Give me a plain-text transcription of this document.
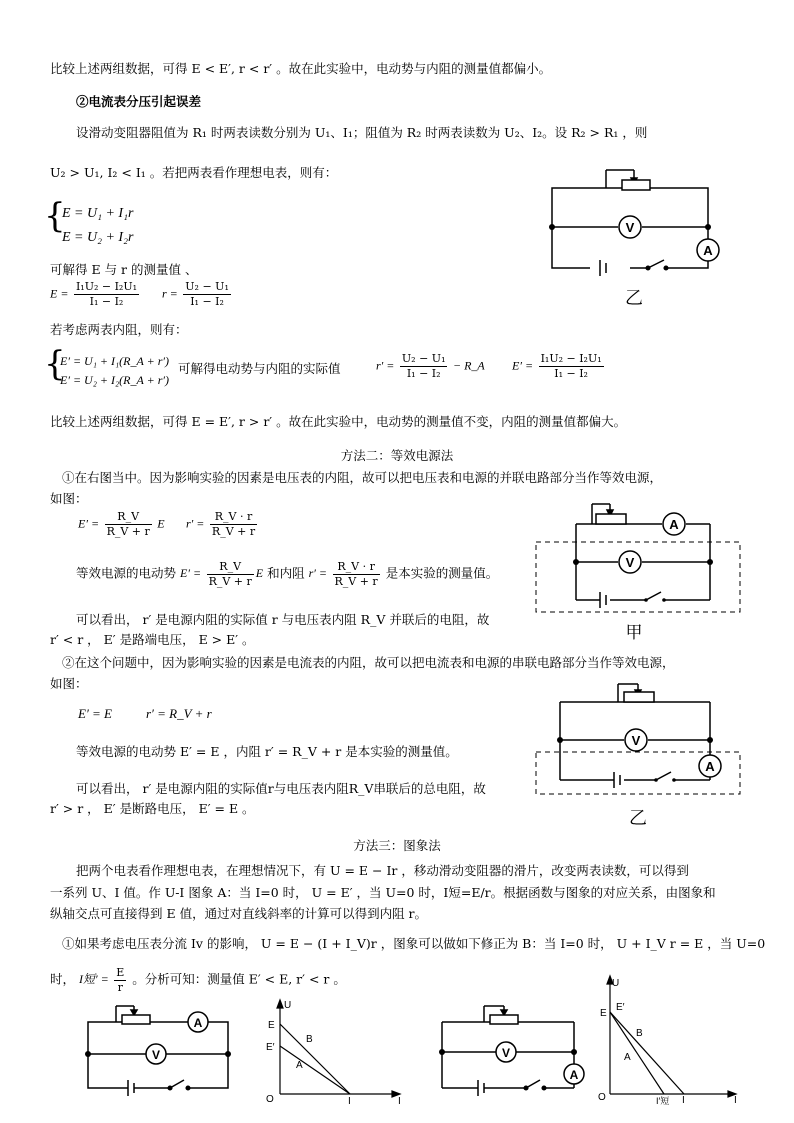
比较上述两组数据，可得 E < E′, r < r′ 。故在此实验中，电动势与内阻的测量值都偏小。
②电流表分压引起误差
设滑动变阻器阻值为 R₁ 时两表读数分别为 U₁、I₁；阻值为 R₂ 时两表读数为 U₂、I₂。设 R₂ > R₁ ，则
U₂ > U₁, I₂ < I₁ 。若把两表看作理想电表，则有：
{
E = U₁ + I₁r
E = U₂ + I₂r
可解得 E 与 r 的测量值 、
$E = \frac{\text{I₁U₂ − I₂U₁}}{\text{I₁ − I₂}}$ $r = \frac{\text{U₂ − U₁}}{\text{I₁ − I₂}}$
若考虑两表内阻，则有：
{
E′ = U₁ + I₁(R_A + r′)
E′ = U₂ + I₂(R_A + r′)
可解得电动势与内阻的实际值	$r' = \frac{\text{U₂ − U₁}}{\text{I₁ − I₂}}$ − R_A $E' = \frac{\text{I₁U₂ − I₂U₁}}{\text{I₁ − I₂}}$
比较上述两组数据，可得 E = E′, r > r′ 。故在此实验中，电动势的测量值不变，内阻的测量值都偏大。
V
A
乙
方法二：等效电源法
①在右图当中。因为影响实验的因素是电压表的内阻，故可以把电压表和电源的并联电路部分当作等效电源，
如图：
$E' = \frac{R\_V}{R\_V + r}$ E $r' = \frac{R\_V \cdot r}{R\_V + r}$
等效电源的电动势 $E' = \frac{R\_V}{R\_V + r}$ E 和内阻 $r' = \frac{R\_V \cdot r}{R\_V + r}$ 是本实验的测量值。
可以看出， r′ 是电源内阻的实际值 r 与电压表内阻 R_V 并联后的电阻，故
r′ < r ， E′ 是路端电压， E > E′ 。
A
V
甲
②在这个问题中，因为影响实验的因素是电流表的内阻，故可以把电流表和电源的串联电路部分当作等效电源，
如图：
E′ = E	r′ = R_V + r
等效电源的电动势 E′ = E ，内阻 r′ = R_V + r 是本实验的测量值。
可以看出， r′ 是电源内阻的实际值r与电压表内阻R_V串联后的总电阻，故
r′ > r ， E′ 是断路电压， E′ = E 。
V
A
乙
方法三：图象法
把两个电表看作理想电表，在理想情况下，有 U = E − Ir ，移动滑动变阻器的滑片，改变两表读数，可以得到
一系列 U、I 值。作 U-I 图象 A：当 I=0 时， U = E′ ，当 U=0 时，I短=E/r。根据函数与图象的对应关系，由图象和
纵轴交点可直接得到 E 值，通过对直线斜率的计算可以得到内阻 r。
①如果考虑电压表分流 Iv 的影响， U = E − (I + I_V)r ，图象可以做如下修正为 B：当 I=0 时， U + I_V r = E ，当 U=0
时， I短′ = $\frac{E}{r}$ 。分析可知：测量值 E′ < E, r′ < r 。
A
V
U
E
E′
B
A
O	I	I
V
A
U
E
E′
B
A
O	I′短 I	I
